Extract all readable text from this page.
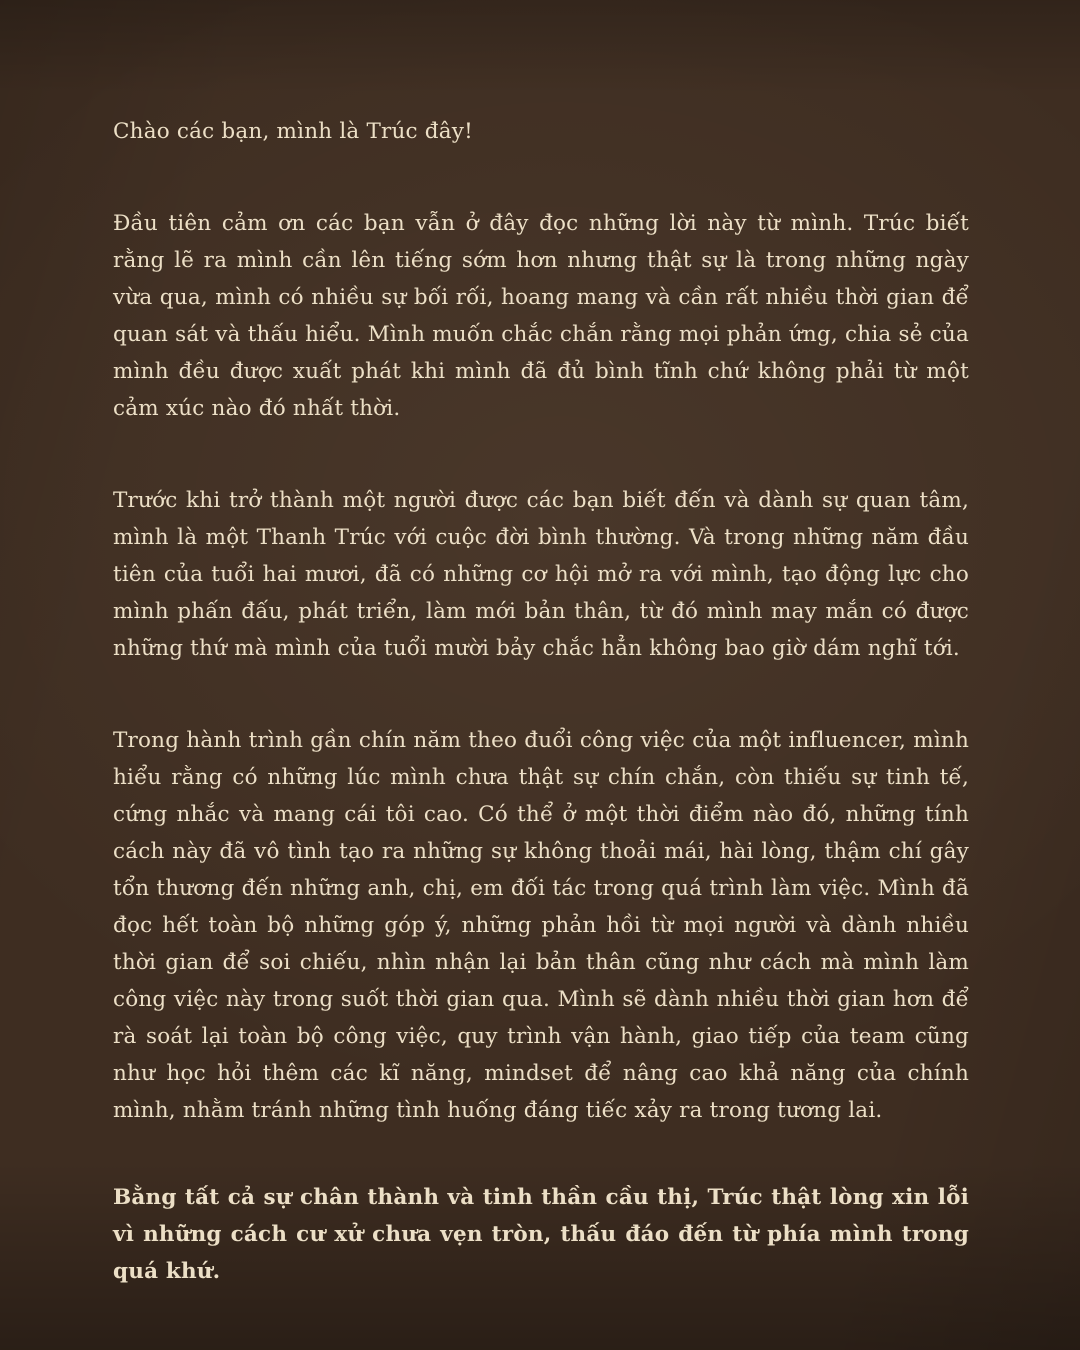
Chào các bạn, mình là Trúc đây!

Đầu tiên cảm ơn các bạn vẫn ở đây đọc những lời này từ mình. Trúc biết rằng lẽ ra mình cần lên tiếng sớm hơn nhưng thật sự là trong những ngày vừa qua, mình có nhiều sự bối rối, hoang mang và cần rất nhiều thời gian để quan sát và thấu hiểu. Mình muốn chắc chắn rằng mọi phản ứng, chia sẻ của mình đều được xuất phát khi mình đã đủ bình tĩnh chứ không phải từ một cảm xúc nào đó nhất thời.

Trước khi trở thành một người được các bạn biết đến và dành sự quan tâm, mình là một Thanh Trúc với cuộc đời bình thường. Và trong những năm đầu tiên của tuổi hai mươi, đã có những cơ hội mở ra với mình, tạo động lực cho mình phấn đấu, phát triển, làm mới bản thân, từ đó mình may mắn có được những thứ mà mình của tuổi mười bảy chắc hẳn không bao giờ dám nghĩ tới.

Trong hành trình gần chín năm theo đuổi công việc của một influencer, mình hiểu rằng có những lúc mình chưa thật sự chín chắn, còn thiếu sự tinh tế, cứng nhắc và mang cái tôi cao. Có thể ở một thời điểm nào đó, những tính cách này đã vô tình tạo ra những sự không thoải mái, hài lòng, thậm chí gây tổn thương đến những anh, chị, em đối tác trong quá trình làm việc. Mình đã đọc hết toàn bộ những góp ý, những phản hồi từ mọi người và dành nhiều thời gian để soi chiếu, nhìn nhận lại bản thân cũng như cách mà mình làm công việc này trong suốt thời gian qua. Mình sẽ dành nhiều thời gian hơn để rà soát lại toàn bộ công việc, quy trình vận hành, giao tiếp của team cũng như học hỏi thêm các kĩ năng, mindset để nâng cao khả năng của chính mình, nhằm tránh những tình huống đáng tiếc xảy ra trong tương lai.

Bằng tất cả sự chân thành và tinh thần cầu thị, Trúc thật lòng xin lỗi vì những cách cư xử chưa vẹn tròn, thấu đáo đến từ phía mình trong quá khứ.
